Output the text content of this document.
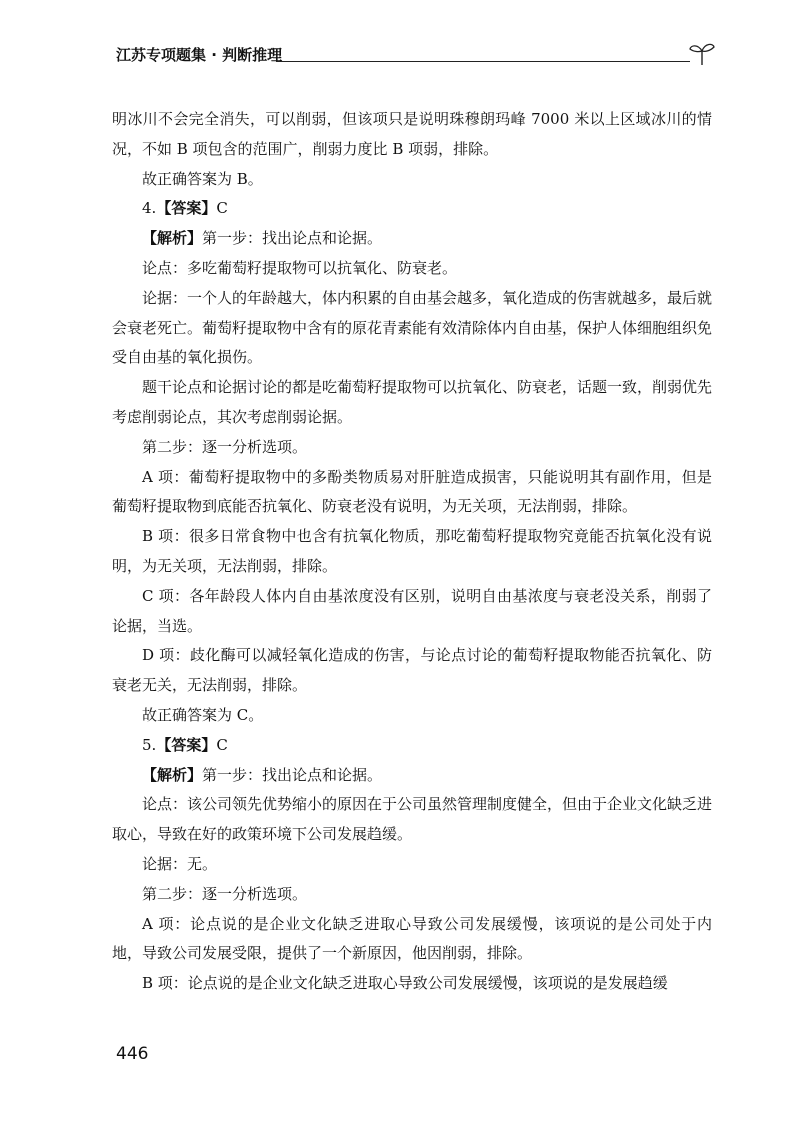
江苏专项题集 · 判断推理

明冰川不会完全消失，可以削弱，但该项只是说明珠穆朗玛峰 7000 米以上区域冰川的情况，不如 B 项包含的范围广，削弱力度比 B 项弱，排除。

故正确答案为 B。

4.【答案】C

【解析】第一步：找出论点和论据。

论点：多吃葡萄籽提取物可以抗氧化、防衰老。

论据：一个人的年龄越大，体内积累的自由基会越多，氧化造成的伤害就越多，最后就会衰老死亡。葡萄籽提取物中含有的原花青素能有效清除体内自由基，保护人体细胞组织免受自由基的氧化损伤。

题干论点和论据讨论的都是吃葡萄籽提取物可以抗氧化、防衰老，话题一致，削弱优先考虑削弱论点，其次考虑削弱论据。

第二步：逐一分析选项。

A 项：葡萄籽提取物中的多酚类物质易对肝脏造成损害，只能说明其有副作用，但是葡萄籽提取物到底能否抗氧化、防衰老没有说明，为无关项，无法削弱，排除。

B 项：很多日常食物中也含有抗氧化物质，那吃葡萄籽提取物究竟能否抗氧化没有说明，为无关项，无法削弱，排除。

C 项：各年龄段人体内自由基浓度没有区别，说明自由基浓度与衰老没关系，削弱了论据，当选。

D 项：歧化酶可以减轻氧化造成的伤害，与论点讨论的葡萄籽提取物能否抗氧化、防衰老无关，无法削弱，排除。

故正确答案为 C。

5.【答案】C

【解析】第一步：找出论点和论据。

论点：该公司领先优势缩小的原因在于公司虽然管理制度健全，但由于企业文化缺乏进取心，导致在好的政策环境下公司发展趋缓。

论据：无。

第二步：逐一分析选项。

A 项：论点说的是企业文化缺乏进取心导致公司发展缓慢，该项说的是公司处于内地，导致公司发展受限，提供了一个新原因，他因削弱，排除。

B 项：论点说的是企业文化缺乏进取心导致公司发展缓慢，该项说的是发展趋缓

446
